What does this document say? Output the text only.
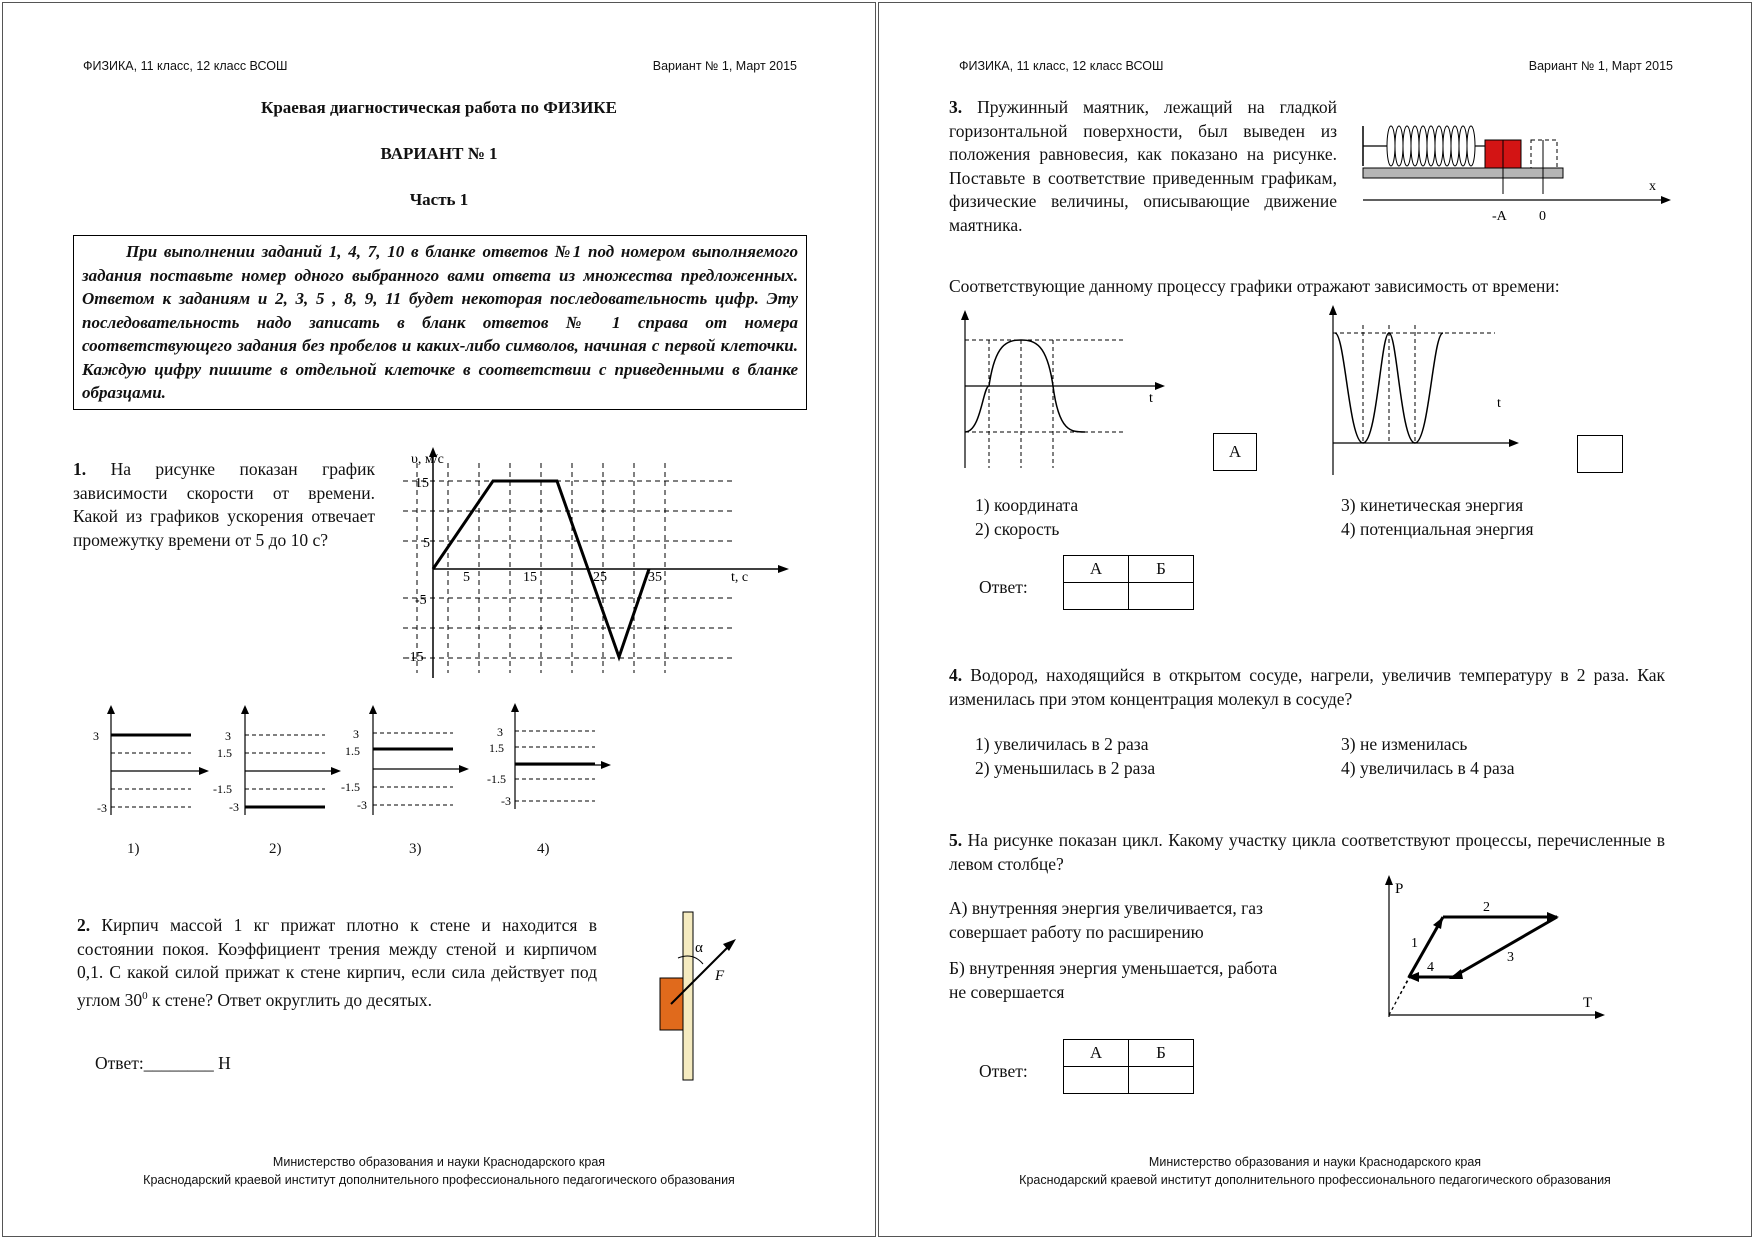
ФИЗИКА, 11 класс, 12 класс ВСОШ	Вариант № 1, Март 2015
Краевая диагностическая работа по ФИЗИКЕ
ВАРИАНТ № 1
Часть 1
При выполнении заданий 1, 4, 7, 10 в бланке ответов №1 под номером выполняемого задания поставьте номер одного выбранного вами ответа из множества предложенных. Ответом к заданиям и 2, 3, 5 , 8, 9, 11 будет некоторая последовательность цифр. Эту последовательность надо записать в бланк ответов № 1 справа от номера соответствующего задания без пробелов и каких-либо символов, начиная с первой клеточки. Каждую цифру пишите в отдельной клеточке в соответствии с приведенными в бланке образцами.
1. На рисунке показан график зависимости скорости от времени. Какой из графиков ускорения отвечает промежутку времени от 5 до 10 с?
υ, м/с
t, с
15
5
-5
-15
5	15	25	35
3
-3
3
1.5
-1.5
-3
3
1.5
-1.5
-3
3
1.5
-1.5
-3
1)	2)	3)	4)
2. Кирпич массой 1 кг прижат плотно к стене и находится в состоянии покоя. Коэффициент трения между стеной и кирпичом 0,1. С какой силой прижат к стене кирпич, если сила действует под углом $30^0$ к стене? Ответ округлить до десятых.
Ответ:________ Н
α
F
Министерство образования и науки Краснодарского края
Краснодарский краевой институт дополнительного профессионального педагогического образования
ФИЗИКА, 11 класс, 12 класс ВСОШ	Вариант № 1, Март 2015
3. Пружинный маятник, лежащий на гладкой горизонтальной поверхности, был выведен из положения равновесия, как показано на рисунке. Поставьте в соответствие приведенным графикам, физические величины, описывающие движение маятника.
x
-A 0
Соответствующие данному процессу графики отражают зависимость от времени:
t
А
t
1) координата
2) скорость
3) кинетическая энергия
4) потенциальная энергия
Ответ:
А	Б

4. Водород, находящийся в открытом сосуде, нагрели, увеличив температуру в 2 раза. Как изменилась при этом концентрация молекул в сосуде?
1) увеличилась в 2 раза
2) уменьшилась в 2 раза
3) не изменилась
4) увеличилась в 4 раза
5. На рисунке показан цикл. Какому участку цикла соответствуют процессы, перечисленные в левом столбце?
А) внутренняя энергия увеличивается, газ совершает работу по расширению
Б) внутренняя энергия уменьшается, работа не совершается
P
T
1
2
3
4
Ответ:
А	Б

Министерство образования и науки Краснодарского края
Краснодарский краевой институт дополнительного профессионального педагогического образования
